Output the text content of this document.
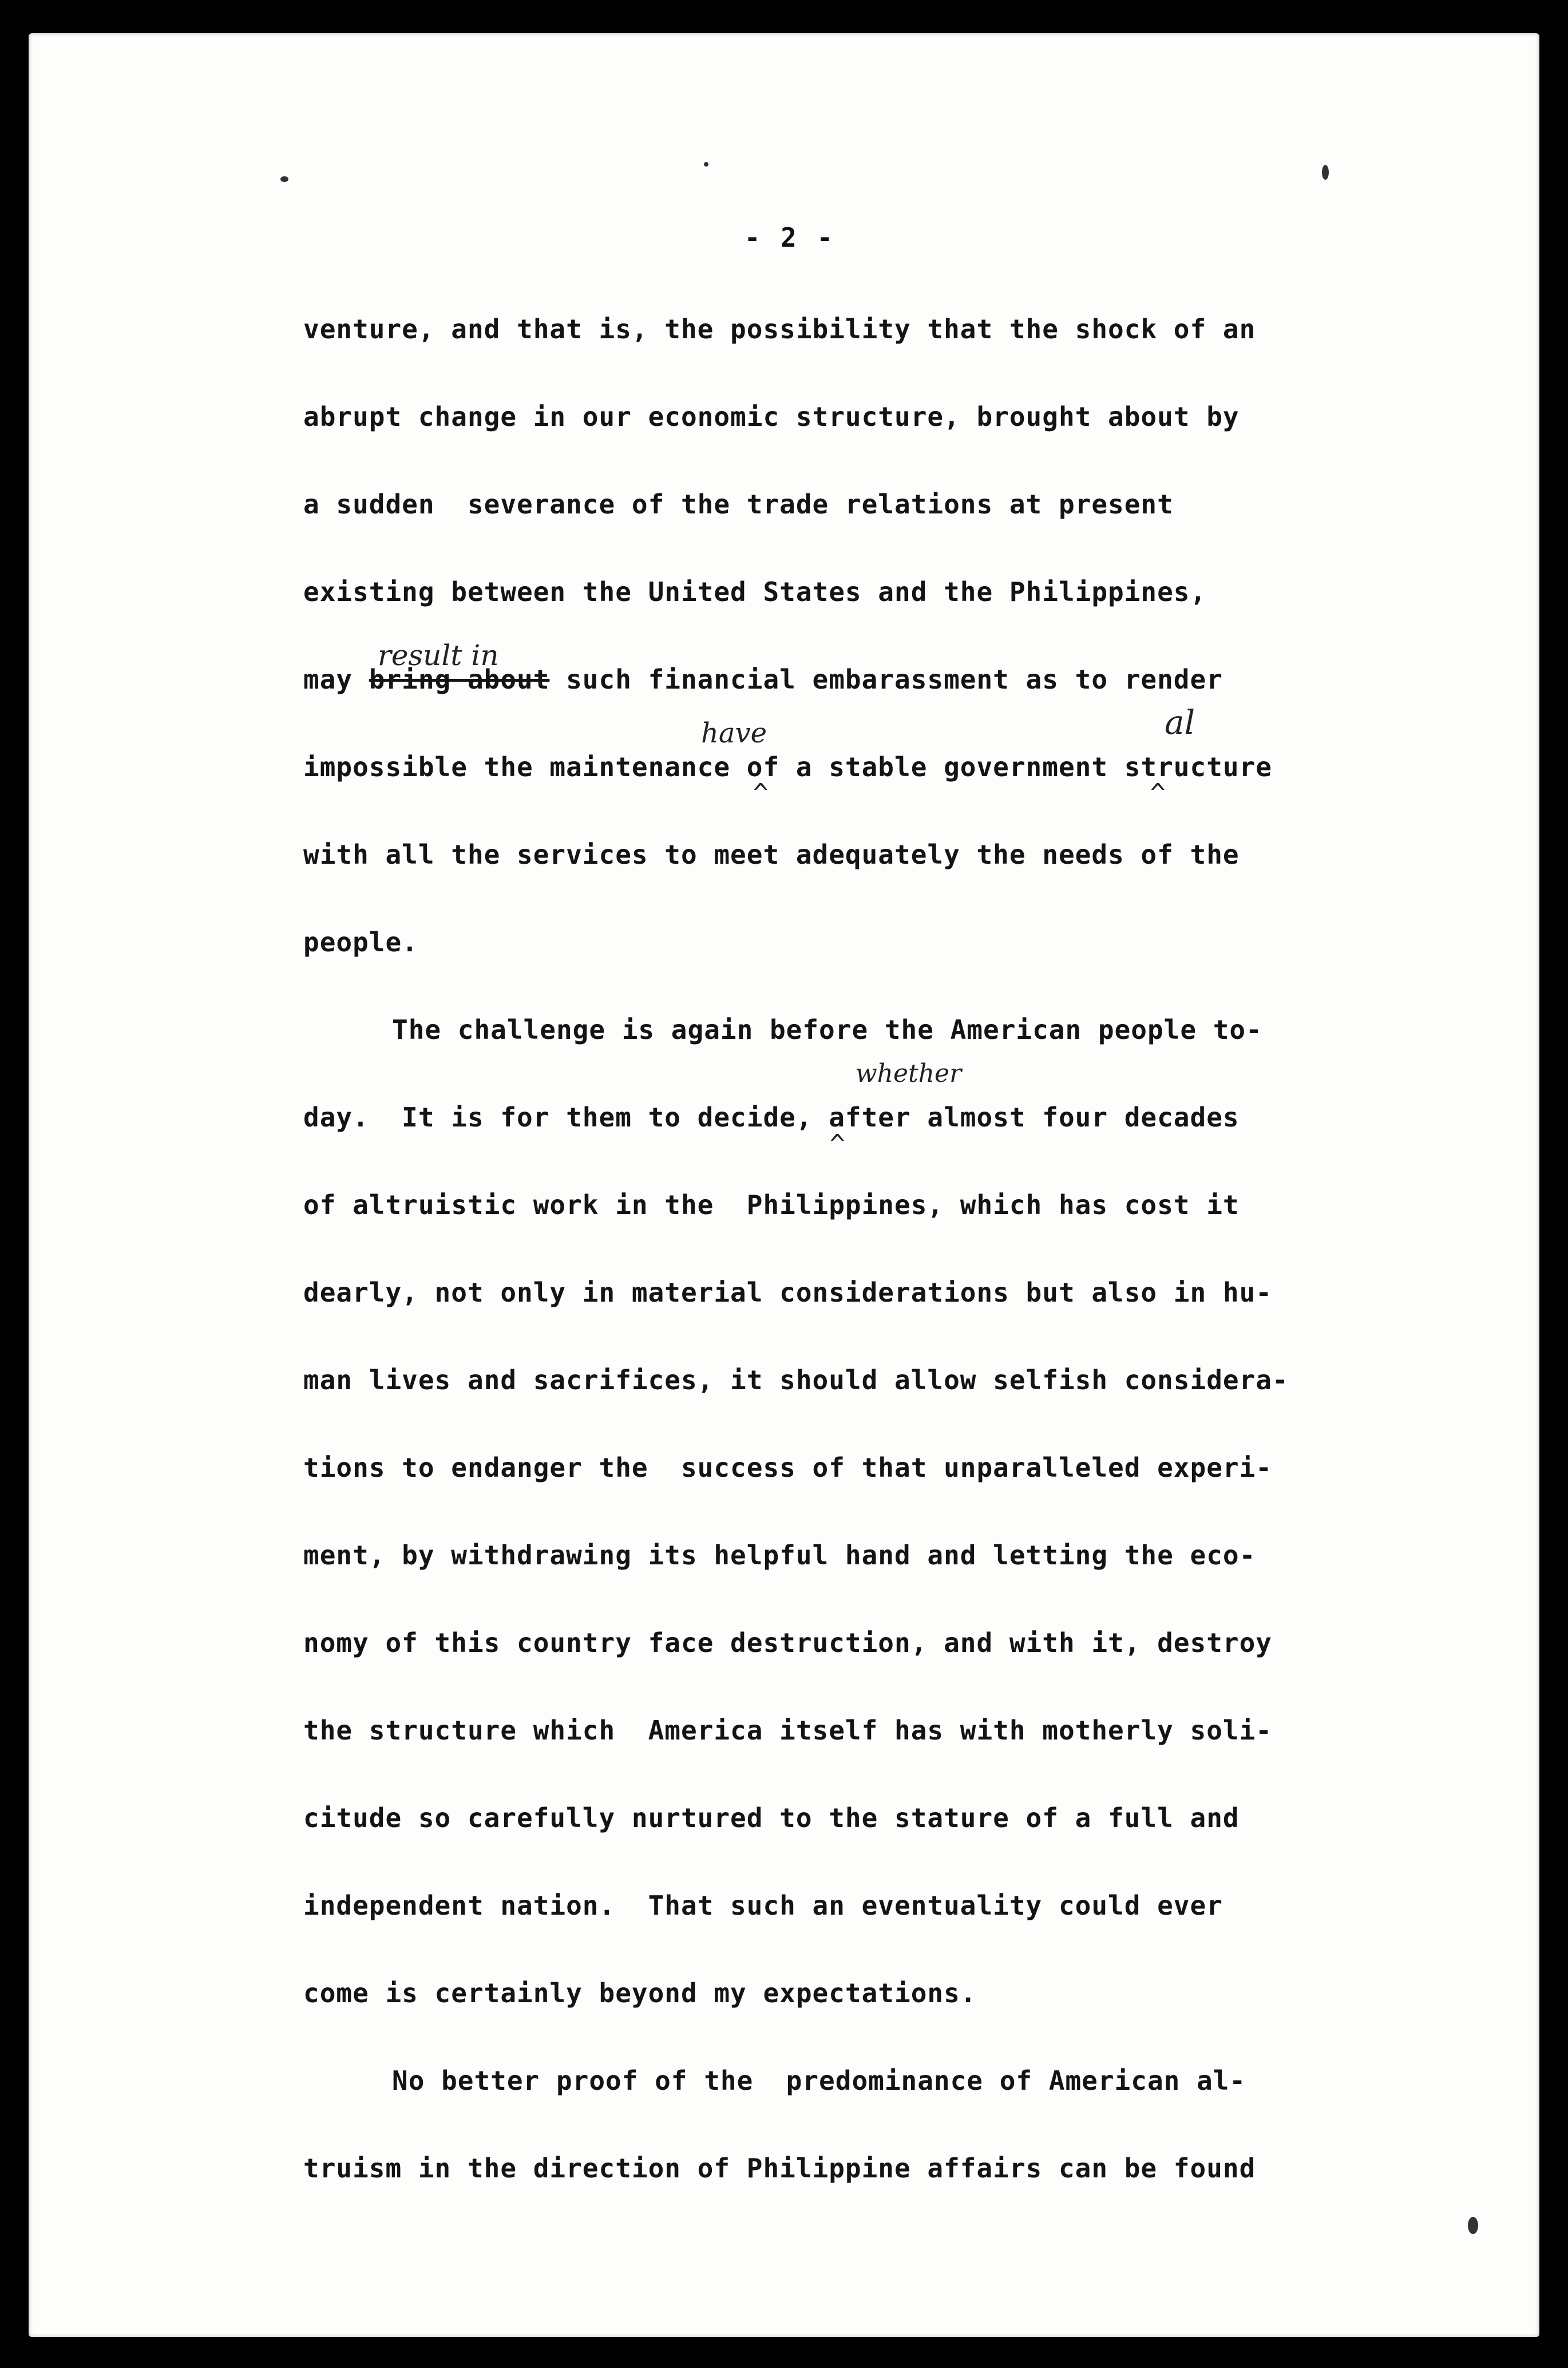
- 2 -
result in
have	al
whether
^	^
^
venture, and that is, the possibility that the shock of an
abrupt change in our economic structure, brought about by
a sudden  severance of the trade relations at present
existing between the United States and the Philippines,
may bring about such financial embarassment as to render
impossible the maintenance of a stable government structure
with all the services to meet adequately the needs of the
people.
The challenge is again before the American people to-
day.  It is for them to decide, after almost four decades
of altruistic work in the  Philippines, which has cost it
dearly, not only in material considerations but also in hu-
man lives and sacrifices, it should allow selfish considera-
tions to endanger the  success of that unparalleled experi-
ment, by withdrawing its helpful hand and letting the eco-
nomy of this country face destruction, and with it, destroy
the structure which  America itself has with motherly soli-
citude so carefully nurtured to the stature of a full and
independent nation.  That such an eventuality could ever
come is certainly beyond my expectations.
No better proof of the  predominance of American al-
truism in the direction of Philippine affairs can be found
